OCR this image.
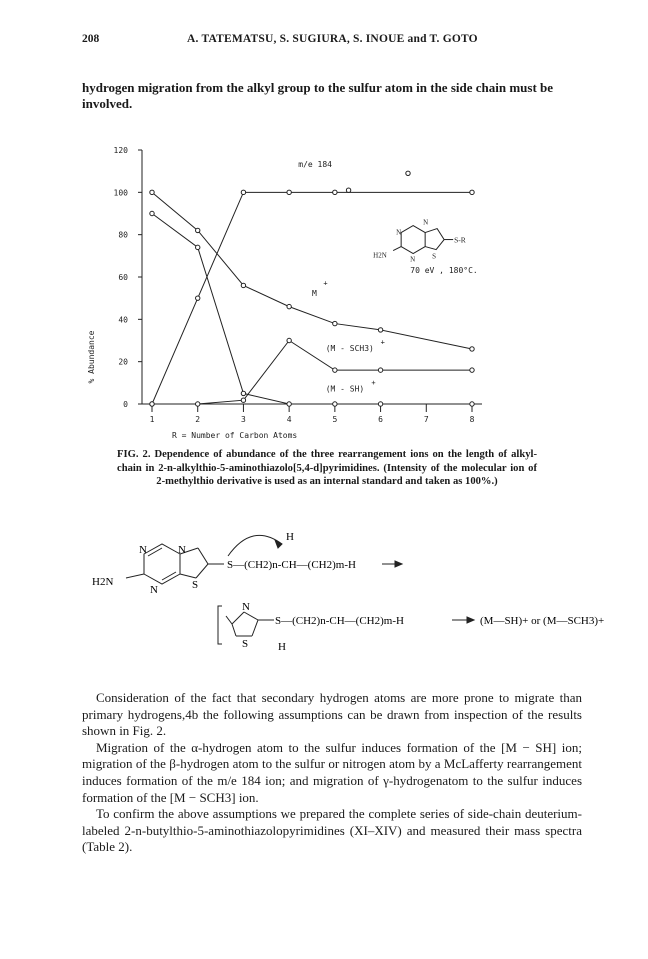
208	A. TATEMATSU, S. SUGIURA, S. INOUE and T. GOTO
hydrogen migration from the alkyl group to the sulfur atom in the side chain must be involved.
0
20
40
60
80
100
120
1	2	3	4	5	6	7	8
R = Number of Carbon Atoms
% Abundance
m/e 184
M
+
(M - SCH3)
+
(M - SH)
+
70 eV , 180°C.
N
N
N S
S-R
H2N
FIG. 2. Dependence of abundance of the three rearrangement ions on the length of alkyl-chain in 2-n-alkylthio-5-aminothiazolo[5,4-d]pyrimidines. (Intensity of the molecular ion of 2-methylthio derivative is used as an internal standard and taken as 100%.)
N	N
N	S
H2N
H
S—(CH2)n-CH—(CH2)m-H
N
S
S—(CH2)n-CH—(CH2)m-H
H
(M—SH)+ or (M—SCH3)+

Consideration of the fact that secondary hydrogen atoms are more prone to migrate than primary hydrogens,4b the following assumptions can be drawn from inspection of the results shown in Fig. 2.

Migration of the α-hydrogen atom to the sulfur induces formation of the [M − SH] ion; migration of the β-hydrogen atom to the sulfur or nitrogen atom by a McLafferty rearrangement induces formation of the m/e 184 ion; and migration of γ-hydrogenatom to the sulfur induces formation of the [M − SCH3] ion.

To confirm the above assumptions we prepared the complete series of side-chain deuterium-labeled 2-n-butylthio-5-aminothiazolopyrimidines (XI–XIV) and measured their mass spectra (Table 2).
